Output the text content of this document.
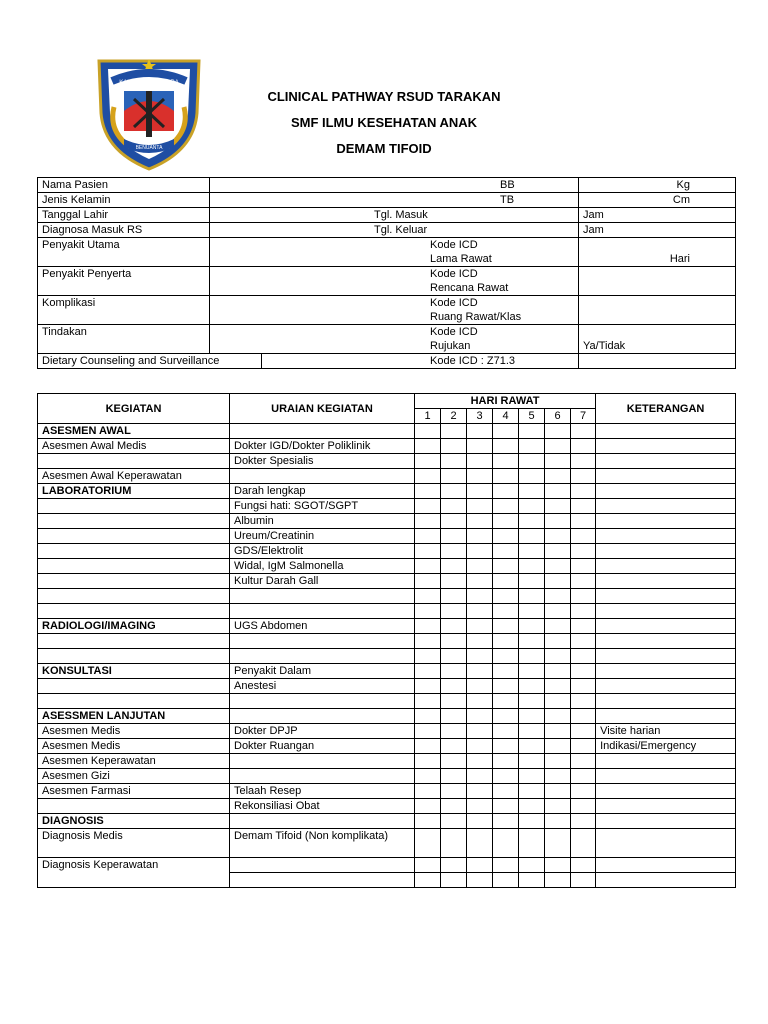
KALIMANTAN UTARA
BENUANTA
CLINICAL PATHWAY RSUD TARAKAN
SMF ILMU KESEHATAN ANAK
DEMAM TIFOID
Nama Pasien	BB		Kg
Jenis Kelamin	TB		Cm
Tanggal Lahir	Tgl. Masuk		Jam
Diagnosa Masuk RS	Tgl. Keluar		Jam
Penyakit Utama	Kode ICD
Lama Rawat		Hari
Penyakit Penyerta	Kode ICD
Rencana Rawat		
Komplikasi	Kode ICD
Ruang Rawat/Klas		
Tindakan	Kode ICD
Rujukan		Ya/Tidak
Dietary Counseling and Surveillance		Kode ICD : Z71.3	
KEGIATAN	URAIAN KEGIATAN	HARI RAWAT							KETERANGAN
		1	2	3	4	5	6	7	
ASESMEN AWAL									
Asesmen Awal Medis	Dokter IGD/Dokter Poliklinik								
	Dokter Spesialis								
Asesmen Awal Keperawatan									
LABORATORIUM	Darah lengkap								
	Fungsi hati: SGOT/SGPT								
	Albumin								
	Ureum/Creatinin								
	GDS/Elektrolit								
	Widal, IgM Salmonella								
	Kultur Darah Gall								

RADIOLOGI/IMAGING	UGS Abdomen								

KONSULTASI	Penyakit Dalam								
	Anestesi								

ASESSMEN LANJUTAN									
Asesmen Medis	Dokter DPJP								Visite harian
Asesmen Medis	Dokter Ruangan								Indikasi/Emergency
Asesmen Keperawatan									
Asesmen Gizi									
Asesmen Farmasi	Telaah Resep								
	Rekonsiliasi Obat								
DIAGNOSIS									
Diagnosis Medis	Demam Tifoid (Non komplikata)								
Diagnosis Keperawatan									
